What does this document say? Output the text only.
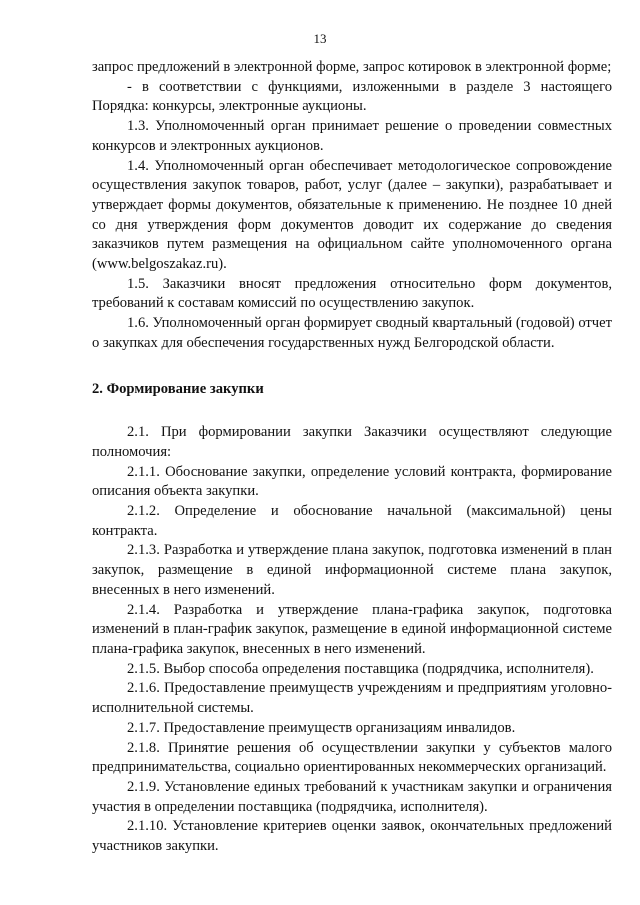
13
запрос предложений в электронной форме, запрос котировок в электронной форме;
- в соответствии с функциями, изложенными в разделе 3 настоящего Порядка: конкурсы, электронные аукционы.
1.3. Уполномоченный орган принимает решение о проведении совместных конкурсов и электронных аукционов.
1.4. Уполномоченный орган обеспечивает методологическое сопровождение осуществления закупок товаров, работ, услуг (далее – закупки), разрабатывает и утверждает формы документов, обязательные к применению. Не позднее 10 дней со дня утверждения форм документов доводит их содержание до сведения заказчиков путем размещения на официальном сайте уполномоченного органа (www.belgoszakaz.ru).
1.5. Заказчики вносят предложения относительно форм документов, требований к составам комиссий по осуществлению закупок.
1.6. Уполномоченный орган формирует сводный квартальный (годовой) отчет о закупках для обеспечения государственных нужд Белгородской области.
2. Формирование закупки
2.1. При формировании закупки Заказчики осуществляют следующие полномочия:
2.1.1. Обоснование закупки, определение условий контракта, формирование описания объекта закупки.
2.1.2. Определение и обоснование начальной (максимальной) цены контракта.
2.1.3. Разработка и утверждение плана закупок, подготовка изменений в план закупок, размещение в единой информационной системе плана закупок, внесенных в него изменений.
2.1.4. Разработка и утверждение плана-графика закупок, подготовка изменений в план-график закупок, размещение в единой информационной системе плана-графика закупок, внесенных в него изменений.
2.1.5. Выбор способа определения поставщика (подрядчика, исполнителя).
2.1.6. Предоставление преимуществ учреждениям и предприятиям уголовно-исполнительной системы.
2.1.7. Предоставление преимуществ организациям инвалидов.
2.1.8. Принятие решения об осуществлении закупки у субъектов малого предпринимательства, социально ориентированных некоммерческих организаций.
2.1.9. Установление единых требований к участникам закупки и ограничения участия в определении поставщика (подрядчика, исполнителя).
2.1.10. Установление критериев оценки заявок, окончательных предложений участников закупки.
